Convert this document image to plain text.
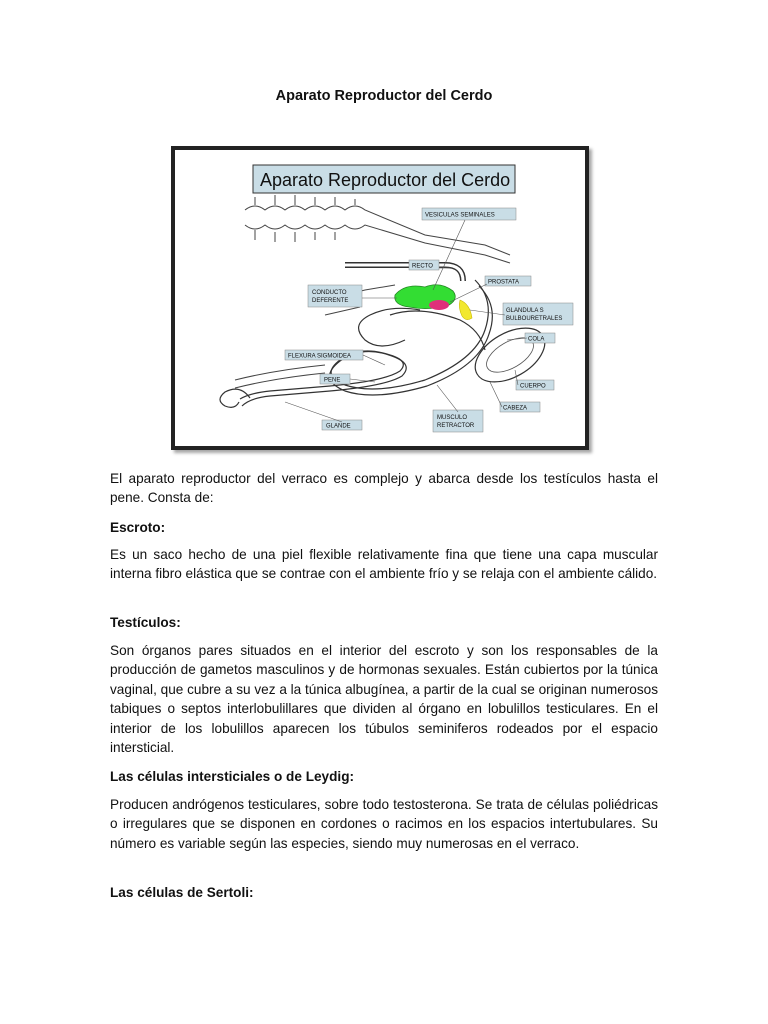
Aparato Reproductor del Cerdo
Aparato Reproductor del Cerdo
VESICULAS SEMINALES
RECTO
PROSTATA
CONDUCTO
DEFERENTE
GLANDULA S
BULBOURETRALES
COLA
FLEXURA SIGMOIDEA
PENE
CUERPO
CABEZA
MUSCULO
RETRACTOR
GLANDE

El aparato reproductor del verraco es complejo y abarca desde los testículos hasta el pene. Consta de:

Escroto:

Es un saco hecho de una piel flexible relativamente fina que tiene una capa muscular interna fibro elástica que se contrae con el ambiente frío y se relaja con el ambiente cálido.

Testículos:

Son órganos pares situados en el interior del escroto y son los responsables de la producción de gametos masculinos y de hormonas sexuales. Están cubiertos por la túnica vaginal, que cubre a su vez a la túnica albugínea, a partir de la cual se originan numerosos tabiques o septos interlobulillares que dividen al órgano en lobulillos testiculares. En el interior de los lobulillos aparecen los túbulos seminiferos rodeados por el espacio intersticial.

Las células intersticiales o de Leydig:

Producen andrógenos testiculares, sobre todo testosterona. Se trata de células poliédricas o irregulares que se disponen en cordones o racimos en los espacios intertubulares. Su número es variable según las especies, siendo muy numerosas en el verraco.

Las células de Sertoli:
